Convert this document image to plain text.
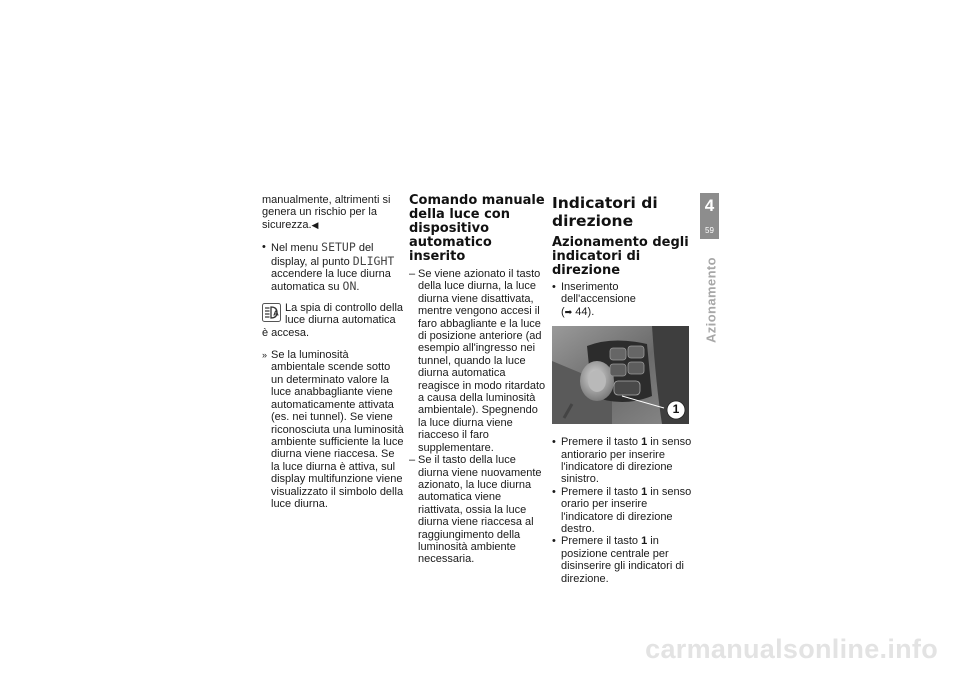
manualmente, altrimenti si genera un rischio per la sicurezza.◀

• Nel menu SETUP del display, al punto DLIGHT accendere la luce diurna automatica su ON.

A La spia di controllo della luce diurna automatica è accesa.

» Se la luminosità ambientale scende sotto un determinato valore la luce anabbagliante viene automaticamente attivata (es. nei tunnel). Se viene riconosciuta una luminosità ambiente sufficiente la luce diurna viene riaccesa. Se la luce diurna è attiva, sul display multifunzione viene visualizzato il simbolo della luce diurna.

Comando manuale della luce con dispositivo automatico inserito
– Se viene azionato il tasto della luce diurna, la luce diurna viene disattivata, mentre vengono accesi il faro abbagliante e la luce di posizione anteriore (ad esempio all'ingresso nei tunnel, quando la luce diurna automatica reagisce in modo ritardato a causa della luminosità ambientale). Spegnendo la luce diurna viene riacceso il faro supplementare.
– Se il tasto della luce diurna viene nuovamente azionato, la luce diurna automatica viene riattivata, ossia la luce diurna viene riaccesa al raggiungimento della luminosità ambiente necessaria.
Indicatori di direzione
Azionamento degli indicatori di direzione
• Inserimento dell'accensione
(➡ 44).
1
• Premere il tasto 1 in senso antiorario per inserire l'indicatore di direzione sinistro.
• Premere il tasto 1 in senso orario per inserire l'indicatore di direzione destro.
• Premere il tasto 1 in posizione centrale per disinserire gli indicatori di direzione.
4
59
Azionamento
carmanualsonline.info
